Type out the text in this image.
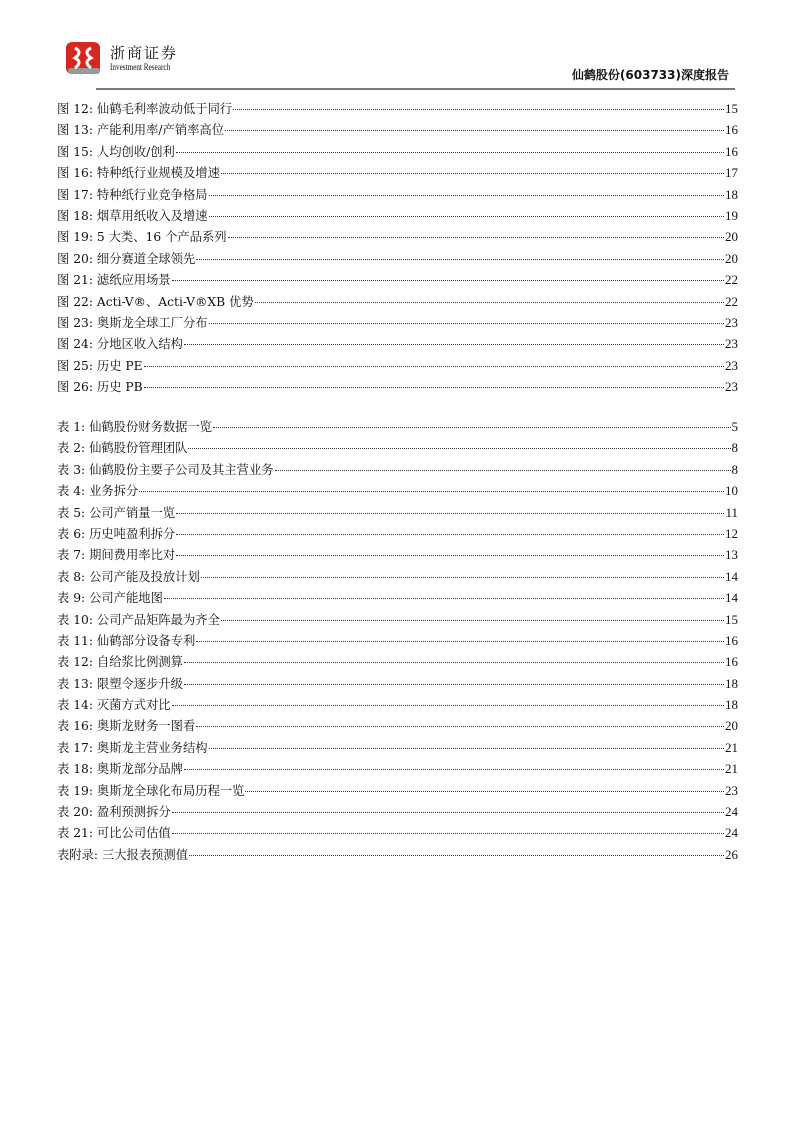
浙商证券
Investment Research
仙鹤股份(603733)深度报告
图 12: 仙鹤毛利率波动低于同行	15
图 13: 产能利用率/产销率高位	16
图 15: 人均创收/创利	16
图 16: 特种纸行业规模及增速	17
图 17: 特种纸行业竞争格局	18
图 18: 烟草用纸收入及增速	19
图 19: 5 大类、16 个产品系列	20
图 20: 细分赛道全球领先	20
图 21: 滤纸应用场景	22
图 22: Acti-V®、Acti-V®XB 优势	22
图 23: 奥斯龙全球工厂分布	23
图 24: 分地区收入结构	23
图 25: 历史 PE	23
图 26: 历史 PB	23
表 1: 仙鹤股份财务数据一览	5
表 2: 仙鹤股份管理团队	8
表 3: 仙鹤股份主要子公司及其主营业务	8
表 4: 业务拆分	10
表 5: 公司产销量一览	11
表 6: 历史吨盈利拆分	12
表 7: 期间费用率比对	13
表 8: 公司产能及投放计划	14
表 9: 公司产能地图	14
表 10: 公司产品矩阵最为齐全	15
表 11: 仙鹤部分设备专利	16
表 12: 自给浆比例测算	16
表 13: 限塑令逐步升级	18
表 14: 灭菌方式对比	18
表 16: 奥斯龙财务一图看	20
表 17: 奥斯龙主营业务结构	21
表 18: 奥斯龙部分品牌	21
表 19: 奥斯龙全球化布局历程一览	23
表 20: 盈利预测拆分	24
表 21: 可比公司估值	24
表附录: 三大报表预测值	26
